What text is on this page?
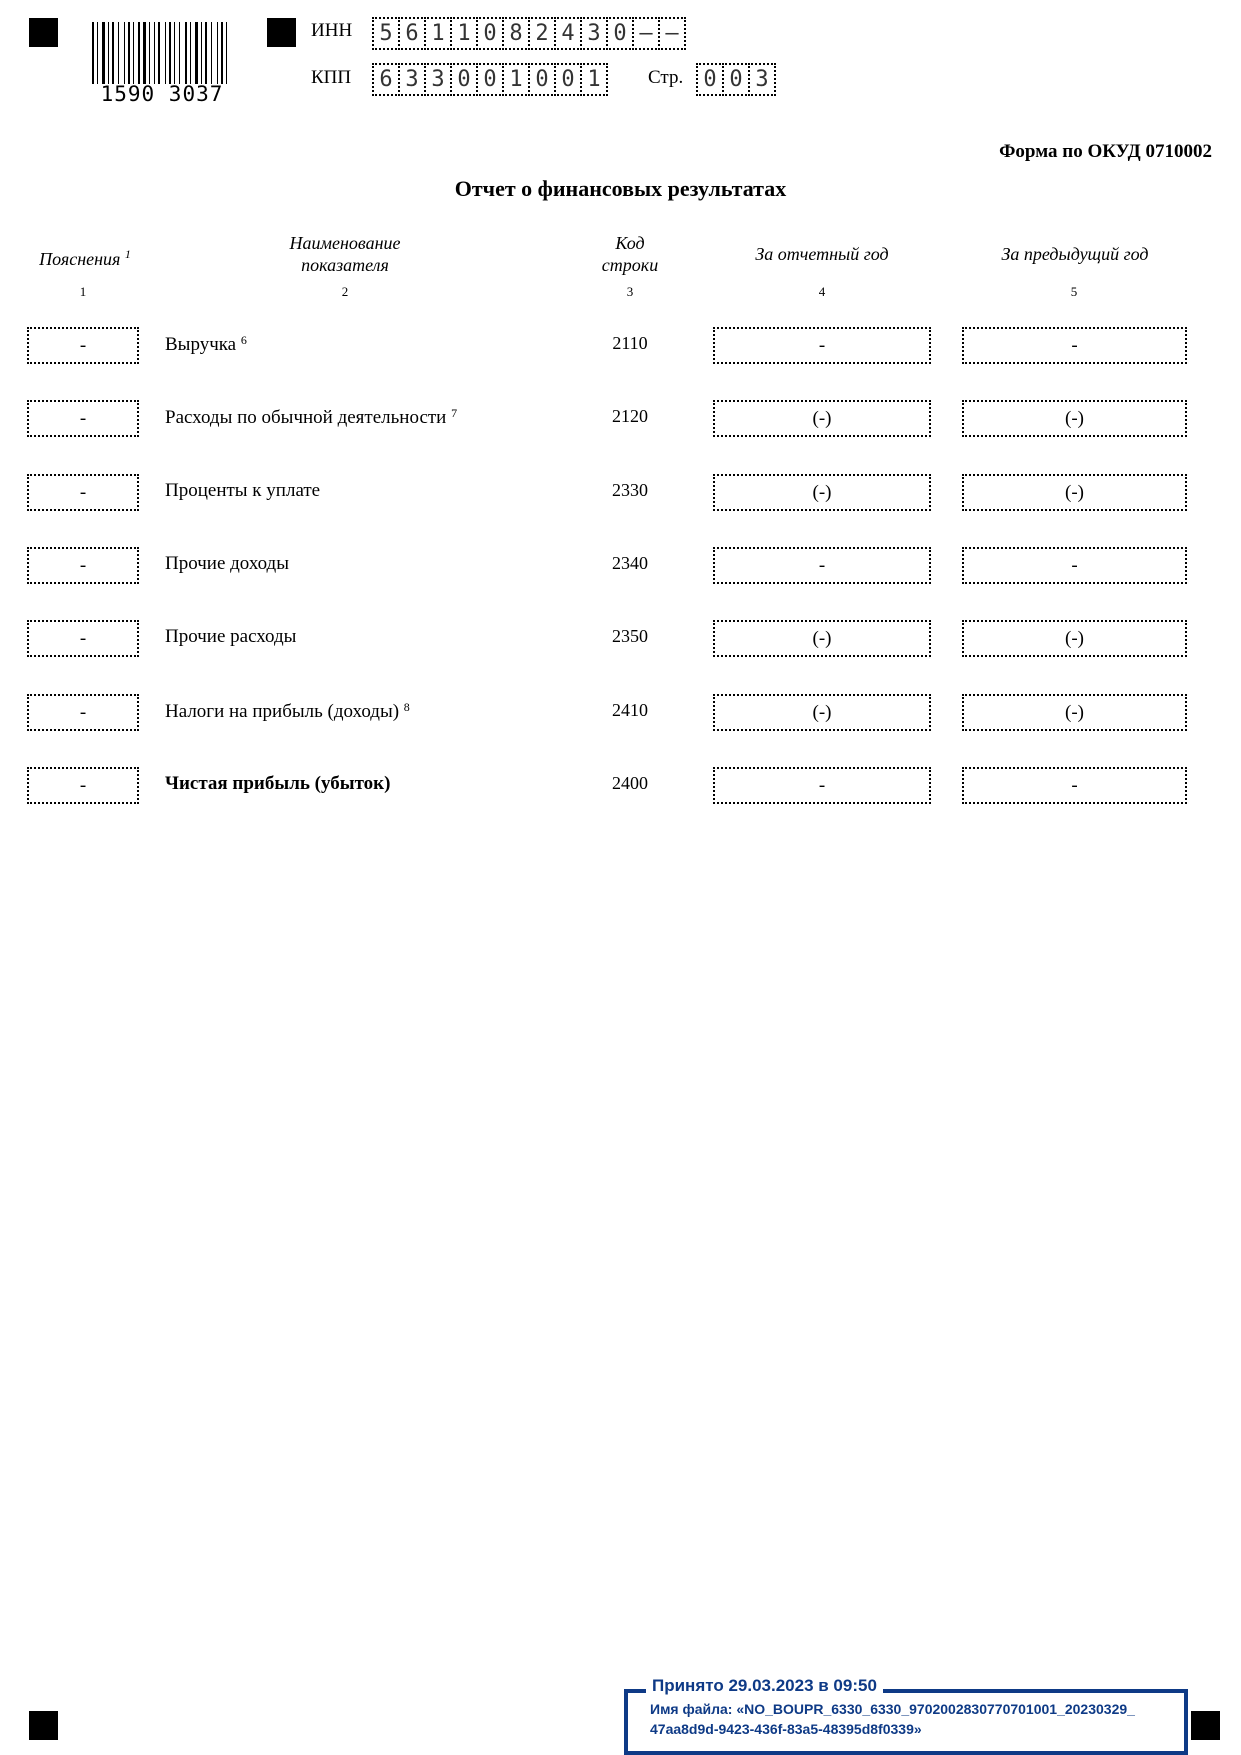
1590 3037
ИНН	5 6 1 1 0 8 2 4 3 0 – –
КПП	6 3 3 0 0 1 0 0 1	Стр. 0 0 3
Форма по ОКУД 0710002
Отчет о финансовых результатах
Пояснения $^1$
Наименование
показателя
Код
строки
За отчетный год	За предыдущий год
1	2	3	4	5
-	Выручка $^6$	2110	-	-
-	Расходы по обычной деятельности $^7$	2120	(-)	(-)
-	Проценты к уплате	2330	(-)	(-)
-	Прочие доходы	2340	-	-
-	Прочие расходы	2350	(-)	(-)
-	Налоги на прибыль (доходы) $^8$	2410	(-)	(-)
-	Чистая прибыль (убыток)	2400	-	-
Принято 29.03.2023 в 09:50
Имя файла: «NO_BOUPR_6330_6330_9702002830770701001_20230329_
47aa8d9d-9423-436f-83a5-48395d8f0339»
